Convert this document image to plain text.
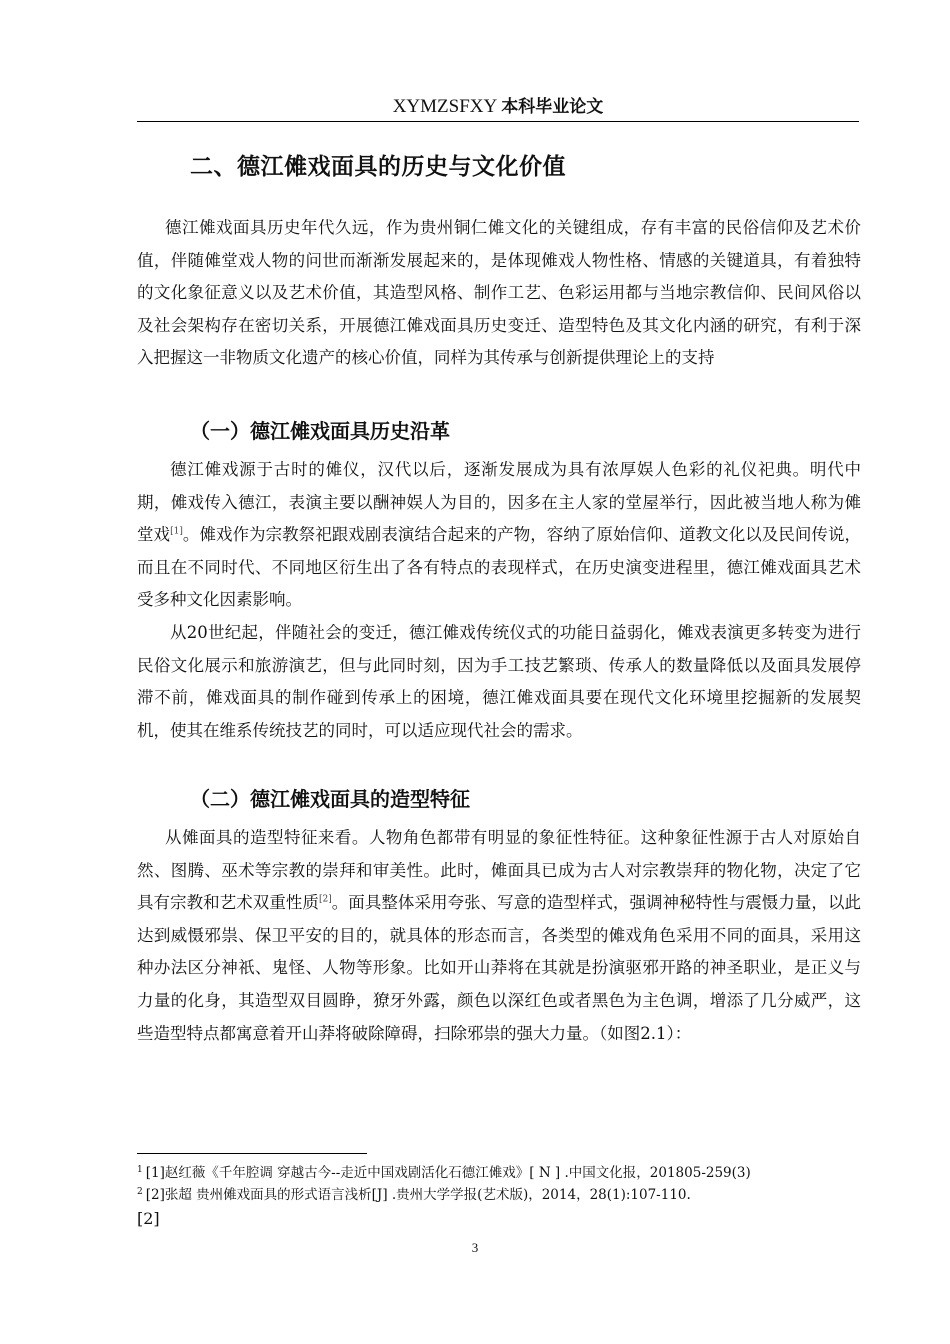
XYMZSFXY 本科毕业论文
二、德江傩戏面具的历史与文化价值

德江傩戏面具历史年代久远，作为贵州铜仁傩文化的关键组成，存有丰富的民俗信仰及艺术价值，伴随傩堂戏人物的问世而渐渐发展起来的，是体现傩戏人物性格、情感的关键道具，有着独特的文化象征意义以及艺术价值，其造型风格、制作工艺、色彩运用都与当地宗教信仰、民间风俗以及社会架构存在密切关系，开展德江傩戏面具历史变迁、造型特色及其文化内涵的研究，有利于深入把握这一非物质文化遗产的核心价值，同样为其传承与创新提供理论上的支持

（一）德江傩戏面具历史沿革

德江傩戏源于古时的傩仪，汉代以后，逐渐发展成为具有浓厚娱人色彩的礼仪祀典。明代中期，傩戏传入德江，表演主要以酬神娱人为目的，因多在主人家的堂屋举行，因此被当地人称为傩堂戏[1]。傩戏作为宗教祭祀跟戏剧表演结合起来的产物，容纳了原始信仰、道教文化以及民间传说，而且在不同时代、不同地区衍生出了各有特点的表现样式，在历史演变进程里，德江傩戏面具艺术受多种文化因素影响。

从20世纪起，伴随社会的变迁，德江傩戏传统仪式的功能日益弱化，傩戏表演更多转变为进行民俗文化展示和旅游演艺，但与此同时刻，因为手工技艺繁琐、传承人的数量降低以及面具发展停滞不前，傩戏面具的制作碰到传承上的困境，德江傩戏面具要在现代文化环境里挖掘新的发展契机，使其在维系传统技艺的同时，可以适应现代社会的需求。

（二）德江傩戏面具的造型特征

从傩面具的造型特征来看。人物角色都带有明显的象征性特征。这种象征性源于古人对原始自然、图腾、巫术等宗教的崇拜和审美性。此时，傩面具已成为古人对宗教崇拜的物化物，决定了它具有宗教和艺术双重性质[2]。面具整体采用夸张、写意的造型样式，强调神秘特性与震慑力量，以此达到威慑邪祟、保卫平安的目的，就具体的形态而言，各类型的傩戏角色采用不同的面具，采用这种办法区分神祇、鬼怪、人物等形象。比如开山莽将在其就是扮演驱邪开路的神圣职业，是正义与力量的化身，其造型双目圆睁，獠牙外露，颜色以深红色或者黑色为主色调，增添了几分威严，这些造型特点都寓意着开山莽将破除障碍，扫除邪祟的强大力量。（如图2.1）：

$^1$ [1]赵红薇《千年腔调 穿越古今--走近中国戏剧活化石德江傩戏》[ N ] .中国文化报，201805-259(3)
$^2$ [2]张超 贵州傩戏面具的形式语言浅析[J] .贵州大学学报(艺术版)，2014，28(1):107-110.
[2]
3
